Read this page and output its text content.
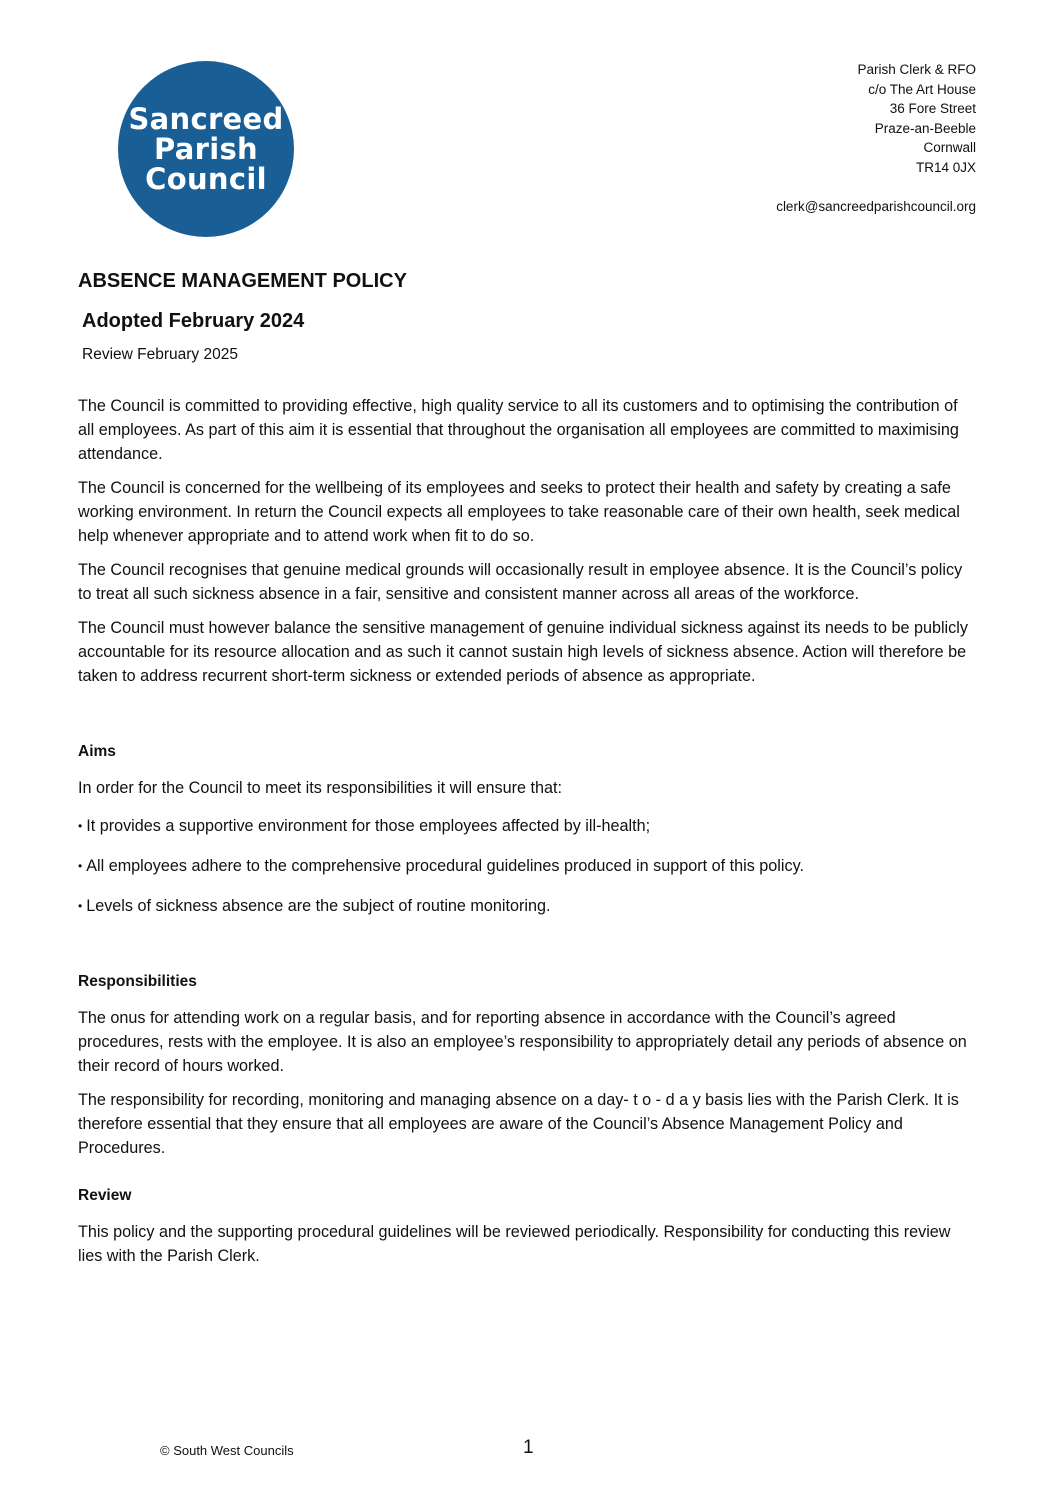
Sancreed
Parish
Council
Parish Clerk & RFO
c/o The Art House
36 Fore Street
Praze-an-Beeble
Cornwall
TR14 0JX
clerk@sancreedparishcouncil.org
ABSENCE MANAGEMENT POLICY
Adopted February 2024
Review February 2025

The Council is committed to providing effective, high quality service to all its customers and to optimising the contribution of all employees. As part of this aim it is essential that throughout the organisation all employees are committed to maximising attendance.

The Council is concerned for the wellbeing of its employees and seeks to protect their health and safety by creating a safe working environment. In return the Council expects all employees to take reasonable care of their own health, seek medical help whenever appropriate and to attend work when fit to do so.

The Council recognises that genuine medical grounds will occasionally result in employee absence. It is the Council’s policy to treat all such sickness absence in a fair, sensitive and consistent manner across all areas of the workforce.

The Council must however balance the sensitive management of genuine individual sickness against its needs to be publicly accountable for its resource allocation and as such it cannot sustain high levels of sickness absence. Action will therefore be taken to address recurrent short-term sickness or extended periods of absence as appropriate.

Aims

In order for the Council to meet its responsibilities it will ensure that:

• It provides a supportive environment for those employees affected by ill-health;

• All employees adhere to the comprehensive procedural guidelines produced in support of this policy.

• Levels of sickness absence are the subject of routine monitoring.

Responsibilities

The onus for attending work on a regular basis, and for reporting absence in accordance with the Council’s agreed procedures, rests with the employee. It is also an employee’s responsibility to appropriately detail any periods of absence on their record of hours worked.

The responsibility for recording, monitoring and managing absence on a day- t o - d a y basis lies with the Parish Clerk. It is therefore essential that they ensure that all employees are aware of the Council’s Absence Management Policy and Procedures.

Review

This policy and the supporting procedural guidelines will be reviewed periodically. Responsibility for conducting this review lies with the Parish Clerk.

© South West Councils	1
